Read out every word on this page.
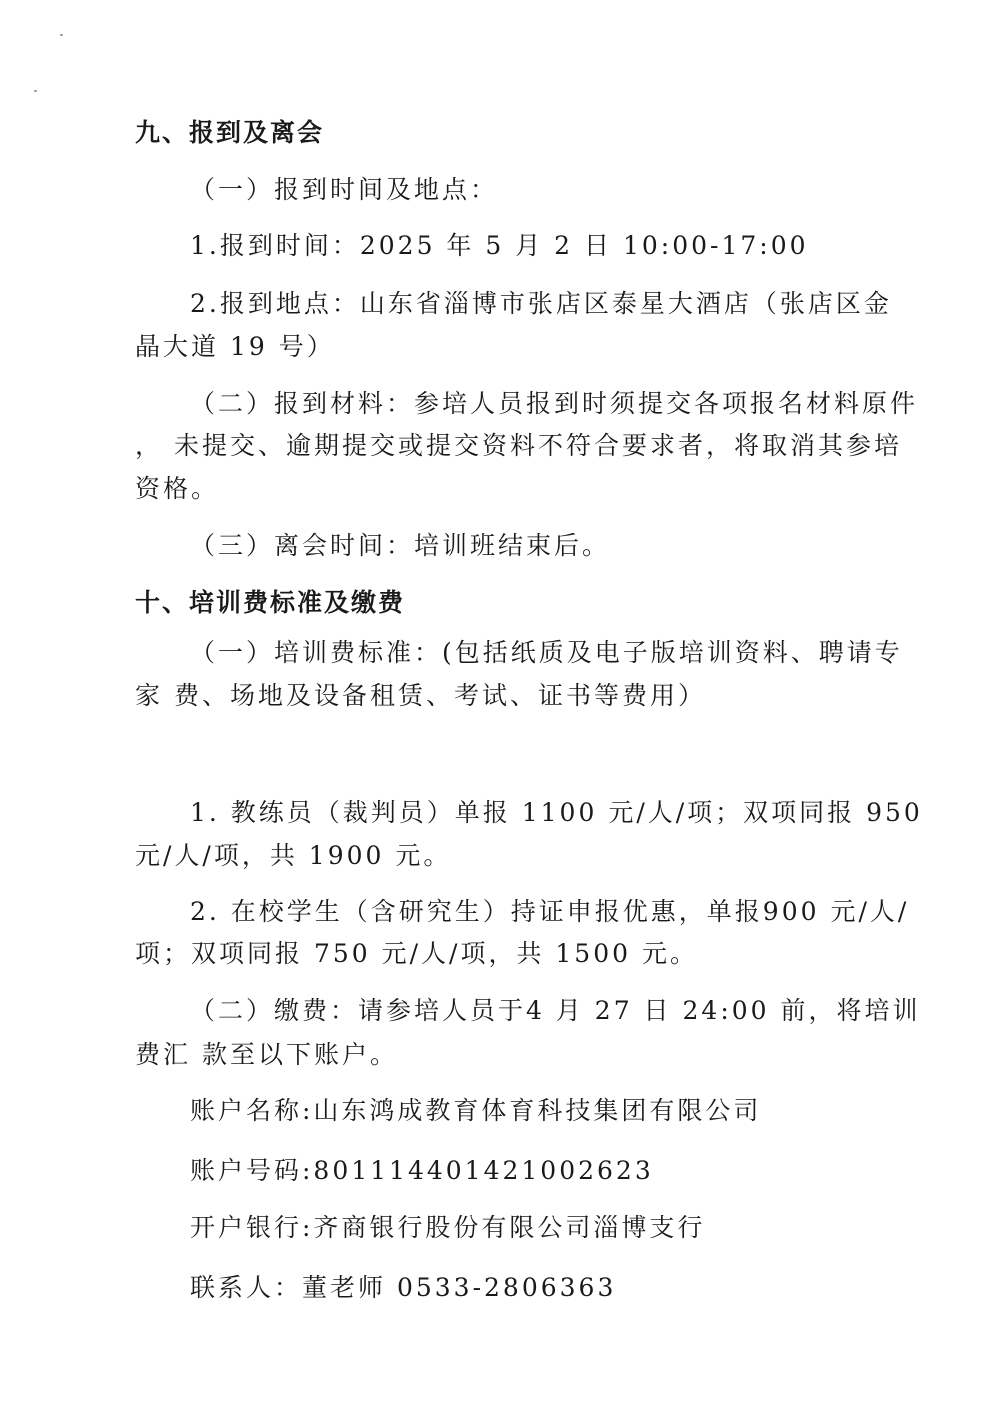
九、报到及离会
（一）报到时间及地点：
1.报到时间：2025 年 5 月 2 日 10:00-17:00
2.报到地点：山东省淄博市张店区泰星大酒店（张店区金
晶大道 19 号）
（二）报到材料：参培人员报到时须提交各项报名材料原件
， 未提交、逾期提交或提交资料不符合要求者，将取消其参培
资格。
（三）离会时间：培训班结束后。
十、培训费标准及缴费
（一）培训费标准：(包括纸质及电子版培训资料、聘请专
家 费、场地及设备租赁、考试、证书等费用）
1. 教练员（裁判员）单报 1100 元/人/项；双项同报 950
元/人/项，共 1900 元。
2. 在校学生（含研究生）持证申报优惠，单报900 元/人/
项；双项同报 750 元/人/项，共 1500 元。
（二）缴费：请参培人员于4 月 27 日 24:00 前，将培训
费汇 款至以下账户。
账户名称:山东鸿成教育体育科技集团有限公司
账户号码:801114401421002623
开户银行:齐商银行股份有限公司淄博支行
联系人：董老师 0533-2806363
